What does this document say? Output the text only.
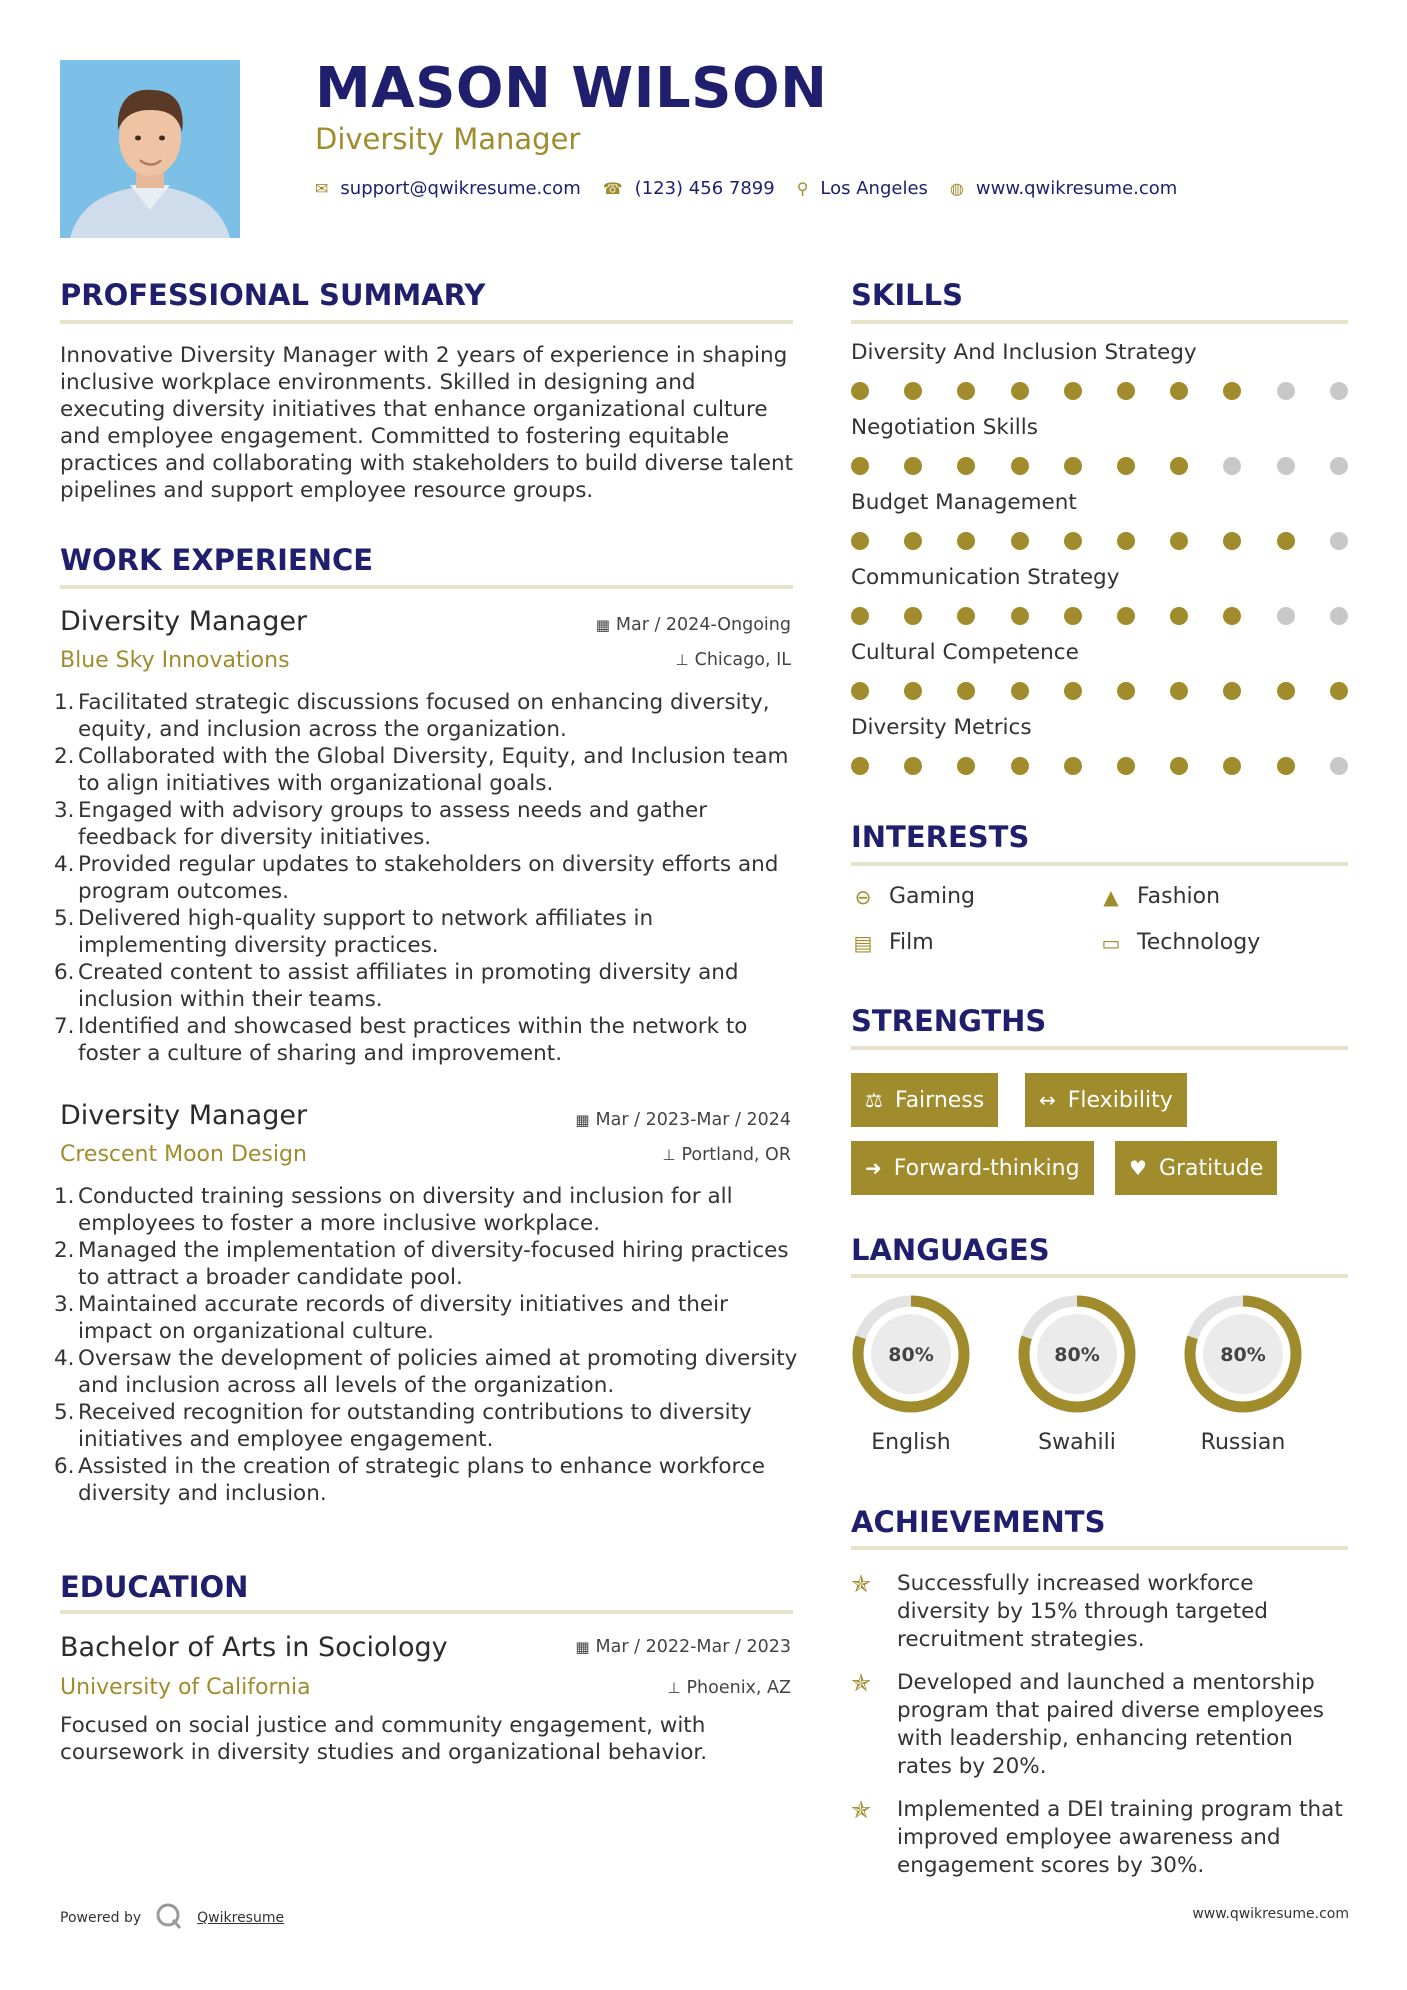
MASON WILSON
Diversity Manager
✉ support@qwikresume.com ☎ (123) 456 7899 ⚲ Los Angeles ◍ www.qwikresume.com
PROFESSIONAL SUMMARY
Innovative Diversity Manager with 2 years of experience in shaping inclusive workplace environments. Skilled in designing and executing diversity initiatives that enhance organizational culture and employee engagement. Committed to fostering equitable practices and collaborating with stakeholders to build diverse talent pipelines and support employee resource groups.
WORK EXPERIENCE
Diversity Manager	▦ Mar / 2024-Ongoing
Blue Sky Innovations	⊥ Chicago, IL
1. Facilitated strategic discussions focused on enhancing diversity, equity, and inclusion across the organization.
2. Collaborated with the Global Diversity, Equity, and Inclusion team to align initiatives with organizational goals.
3. Engaged with advisory groups to assess needs and gather feedback for diversity initiatives.
4. Provided regular updates to stakeholders on diversity efforts and program outcomes.
5. Delivered high-quality support to network affiliates in implementing diversity practices.
6. Created content to assist affiliates in promoting diversity and inclusion within their teams.
7. Identified and showcased best practices within the network to foster a culture of sharing and improvement.
Diversity Manager	▦ Mar / 2023-Mar / 2024
Crescent Moon Design	⊥ Portland, OR
1. Conducted training sessions on diversity and inclusion for all employees to foster a more inclusive workplace.
2. Managed the implementation of diversity-focused hiring practices to attract a broader candidate pool.
3. Maintained accurate records of diversity initiatives and their impact on organizational culture.
4. Oversaw the development of policies aimed at promoting diversity and inclusion across all levels of the organization.
5. Received recognition for outstanding contributions to diversity initiatives and employee engagement.
6. Assisted in the creation of strategic plans to enhance workforce diversity and inclusion.
EDUCATION
Bachelor of Arts in Sociology	▦ Mar / 2022-Mar / 2023
University of California	⊥ Phoenix, AZ
Focused on social justice and community engagement, with coursework in diversity studies and organizational behavior.
SKILLS
Diversity And Inclusion Strategy
Negotiation Skills
Budget Management
Communication Strategy
Cultural Competence
Diversity Metrics
INTERESTS
⊖ Gaming	▲ Fashion
▤ Film	▭ Technology
STRENGTHS
⚖ Fairness	↔ Flexibility
➜ Forward-thinking ♥ Gratitude
LANGUAGES
80%
English
80%
Swahili
80%
Russian
ACHIEVEMENTS
✯	Successfully increased workforce diversity by 15% through targeted recruitment strategies.
✯	Developed and launched a mentorship program that paired diverse employees with leadership, enhancing retention rates by 20%.
✯	Implemented a DEI training program that improved employee awareness and engagement scores by 30%.
Powered by	Qwikresume	www.qwikresume.com
